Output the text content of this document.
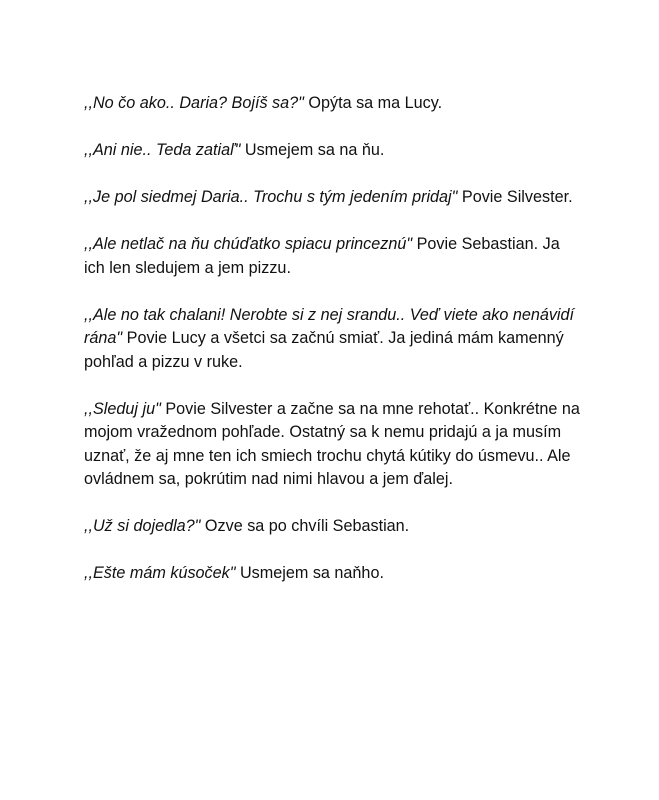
,,No čo ako.. Daria? Bojíš sa?" Opýta sa ma Lucy.

,,Ani nie.. Teda zatiaľ" Usmejem sa na ňu.

,,Je pol siedmej Daria.. Trochu s tým jedením pridaj" Povie Silvester.

,,Ale netlač na ňu chúďatko spiacu princeznú" Povie Sebastian. Ja ich len sledujem a jem pizzu.

,,Ale no tak chalani! Nerobte si z nej srandu.. Veď viete ako nenávidí rána" Povie Lucy a všetci sa začnú smiať. Ja jediná mám kamenný pohľad a pizzu v ruke.

,,Sleduj ju" Povie Silvester a začne sa na mne rehotať.. Konkrétne na mojom vražednom pohľade. Ostatný sa k nemu pridajú a ja musím uznať, že aj mne ten ich smiech trochu chytá kútiky do úsmevu.. Ale ovládnem sa, pokrútim nad nimi hlavou a jem ďalej.

,,Už si dojedla?" Ozve sa po chvíli Sebastian.

,,Ešte mám kúsoček" Usmejem sa naňho.
